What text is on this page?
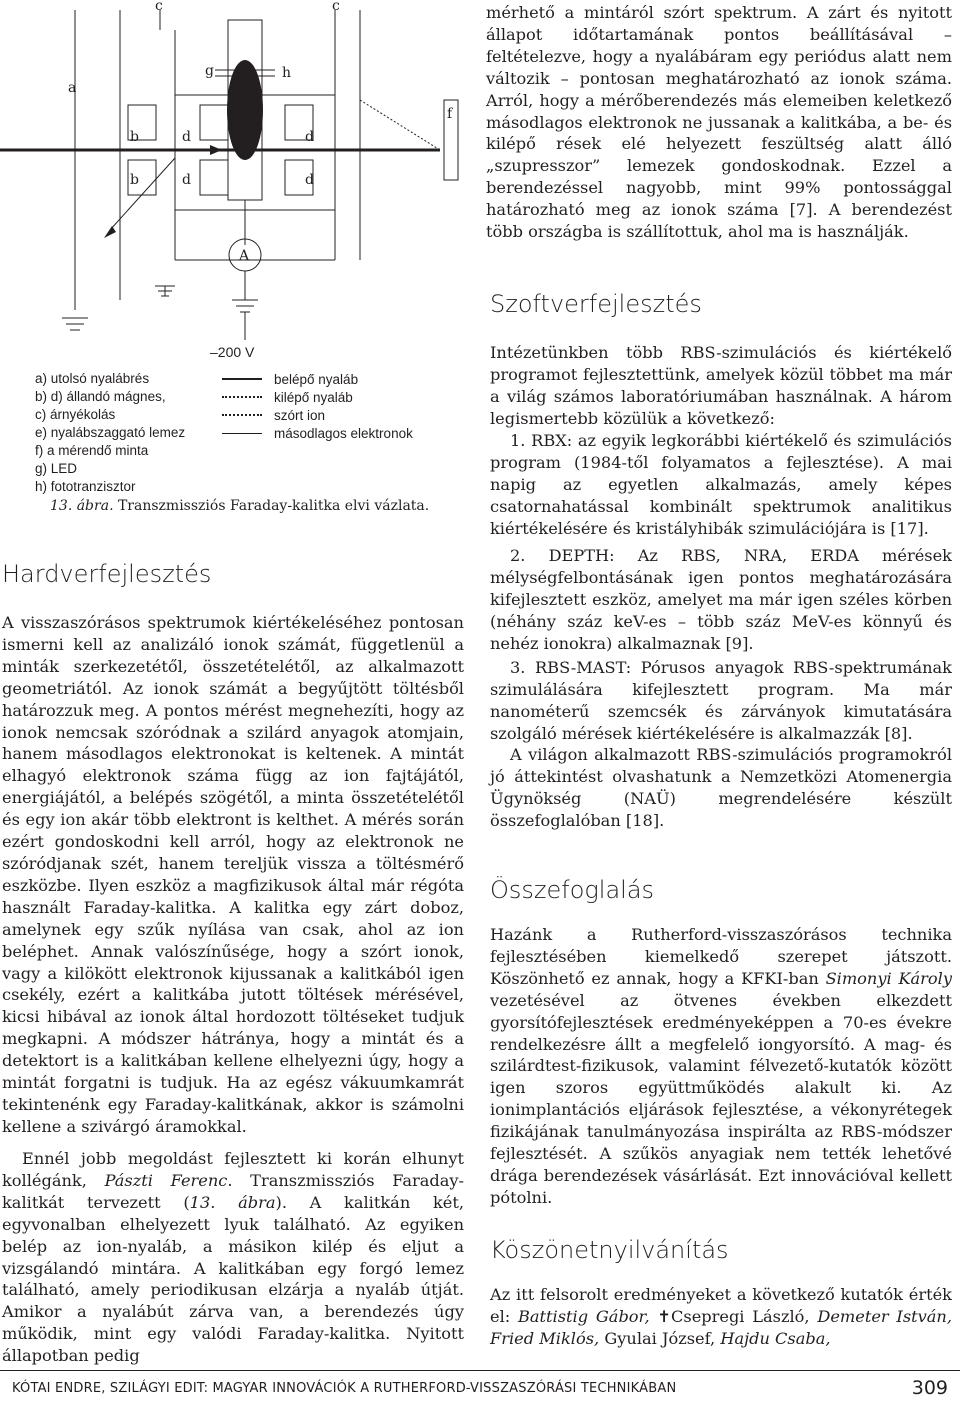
c	c
a
g
e
h
b
b
d
d
d
d
f
A
–200 V
a) utolsó nyalábrés
b) d) állandó mágnes,
c) árnyékolás
e) nyalábszaggató lemez
f) a mérendő minta
g) LED
h) fototranzisztor
belépő nyaláb
kilépő nyaláb
szórt ion
másodlagos elektronok
13. ábra. Transzmissziós Faraday-kalitka elvi vázlata.

mérhető a mintáról szórt spektrum. A zárt és nyitott állapot időtartamának pontos beállításával – feltételezve, hogy a nyalábáram egy periódus alatt nem változik – pontosan meghatározható az ionok száma. Arról, hogy a mérőberendezés más elemeiben keletkező másodlagos elektronok ne jussanak a kalitkába, a be- és kilépő rések elé helyezett feszültség alatt álló „szupresszor” lemezek gondoskodnak. Ezzel a berendezéssel nagyobb, mint 99% pontossággal határozható meg az ionok száma [7]. A berendezést több országba is szállítottuk, ahol ma is használják.

Szoftverfejlesztés

Intézetünkben több RBS-szimulációs és kiértékelő programot fejlesztettünk, amelyek közül többet ma már a világ számos laboratóriumában használnak. A három legismertebb közülük a következő:

1. RBX: az egyik legkorábbi kiértékelő és szimulációs program (1984-től folyamatos a fejlesztése). A mai napig az egyetlen alkalmazás, amely képes csatornahatással kombinált spektrumok analitikus kiértékelésére és kristályhibák szimulációjára is [17].

2. DEPTH: Az RBS, NRA, ERDA mérések mélységfelbontásának igen pontos meghatározására kifejlesztett eszköz, amelyet ma már igen széles körben (néhány száz keV-es – több száz MeV-es könnyű és nehéz ionokra) alkalmaznak [9].

3. RBS-MAST: Pórusos anyagok RBS-spektrumának szimulálására kifejlesztett program. Ma már nanométerű szemcsék és zárványok kimutatására szolgáló mérések kiértékelésére is alkalmazzák [8].

A világon alkalmazott RBS-szimulációs programokról jó áttekintést olvashatunk a Nemzetközi Atomenergia Ügynökség (NAÜ) megrendelésére készült összefoglalóban [18].

Összefoglalás

Hazánk a Rutherford-visszaszórásos technika fejlesztésében kiemelkedő szerepet játszott. Köszönhető ez annak, hogy a KFKI-ban Simonyi Károly vezetésével az ötvenes években elkezdett gyorsítófejlesztések eredményeképpen a 70-es évekre rendelkezésre állt a megfelelő iongyorsító. A mag- és szilárdtest-fizikusok, valamint félvezető-kutatók között igen szoros együttműködés alakult ki. Az ionimplantációs eljárások fejlesztése, a vékonyrétegek fizikájának tanulmányozása inspirálta az RBS-módszer fejlesztését. A szűkös anyagiak nem tették lehetővé drága berendezések vásárlását. Ezt innovációval kellett pótolni.

Köszönetnyilvánítás

Az itt felsorolt eredményeket a következő kutatók érték el: Battistig Gábor, ✝Csepregi László, Demeter István, Fried Miklós, Gyulai József, Hajdu Csaba,

Hardverfejlesztés

A visszaszórásos spektrumok kiértékeléséhez pontosan ismerni kell az analizáló ionok számát, függetlenül a minták szerkezetétől, összetételétől, az alkalmazott geometriától. Az ionok számát a begyűjtött töltésből határozzuk meg. A pontos mérést megnehezíti, hogy az ionok nemcsak szóródnak a szilárd anyagok atomjain, hanem másodlagos elektronokat is keltenek. A mintát elhagyó elektronok száma függ az ion fajtájától, energiájától, a belépés szögétől, a minta összetételétől és egy ion akár több elektront is kelthet. A mérés során ezért gondoskodni kell arról, hogy az elektronok ne szóródjanak szét, hanem tereljük vissza a töltésmérő eszközbe. Ilyen eszköz a magfizikusok által már régóta használt Faraday-kalitka. A kalitka egy zárt doboz, amelynek egy szűk nyílása van csak, ahol az ion beléphet. Annak valószínűsége, hogy a szórt ionok, vagy a kilökött elektronok kijussanak a kalitkából igen csekély, ezért a kalitkába jutott töltések mérésével, kicsi hibával az ionok által hordozott töltéseket tudjuk megkapni. A módszer hátránya, hogy a mintát és a detektort is a kalitkában kellene elhelyezni úgy, hogy a mintát forgatni is tudjuk. Ha az egész vákuumkamrát tekintenénk egy Faraday-kalitkának, akkor is számolni kellene a szivárgó áramokkal.

Ennél jobb megoldást fejlesztett ki korán elhunyt kollégánk, Pászti Ferenc. Transzmissziós Faraday-kalitkát tervezett (13. ábra). A kalitkán két, egyvonalban elhelyezett lyuk található. Az egyiken belép az ion-nyaláb, a másikon kilép és eljut a vizsgálandó mintára. A kalitkában egy forgó lemez található, amely periodikusan elzárja a nyaláb útját. Amikor a nyalábút zárva van, a berendezés úgy működik, mint egy valódi Faraday-kalitka. Nyitott állapotban pedig

KÓTAI ENDRE, SZILÁGYI EDIT: MAGYAR INNOVÁCIÓK A RUTHERFORD-VISSZASZÓRÁSI TECHNIKÁBAN	309
